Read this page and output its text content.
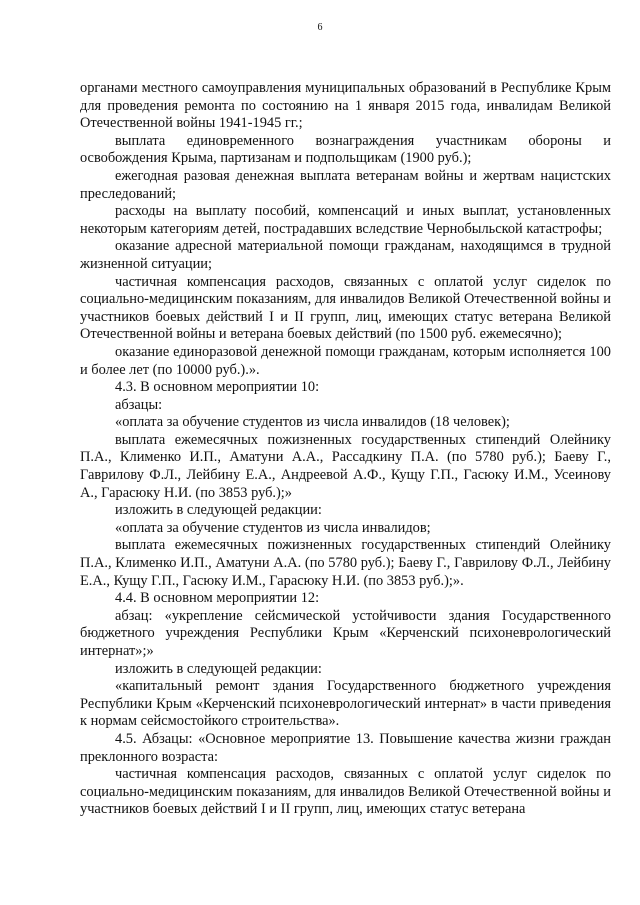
6

органами местного самоуправления муниципальных образований в Республике Крым для проведения ремонта по состоянию на 1 января 2015 года, инвалидам Великой Отечественной войны 1941-1945 гг.;

выплата единовременного вознаграждения участникам обороны и освобождения Крыма, партизанам и подпольщикам (1900 руб.);

ежегодная разовая денежная выплата ветеранам войны и жертвам нацистских преследований;

расходы на выплату пособий, компенсаций и иных выплат, установленных некоторым категориям детей, пострадавших вследствие Чернобыльской катастрофы;

оказание адресной материальной помощи гражданам, находящимся в трудной жизненной ситуации;

частичная компенсация расходов, связанных с оплатой услуг сиделок по социально-медицинским показаниям, для инвалидов Великой Отечественной войны и участников боевых действий I и II групп, лиц, имеющих статус ветерана Великой Отечественной войны и ветерана боевых действий (по 1500 руб. ежемесячно);

оказание единоразовой денежной помощи гражданам, которым исполняется 100 и более лет (по 10000 руб.).».

4.3. В основном мероприятии 10:

абзацы:

«оплата за обучение студентов из числа инвалидов (18 человек);

выплата ежемесячных пожизненных государственных стипендий Олейнику П.А., Клименко И.П., Аматуни А.А., Рассадкину П.А. (по 5780 руб.); Баеву Г., Гаврилову Ф.Л., Лейбину Е.А., Андреевой А.Ф., Кущу Г.П., Гасюку И.М., Усеинову А., Гарасюку Н.И. (по 3853 руб.);»

изложить в следующей редакции:

«оплата за обучение студентов из числа инвалидов;

выплата ежемесячных пожизненных государственных стипендий Олейнику П.А., Клименко И.П., Аматуни А.А. (по 5780 руб.); Баеву Г., Гаврилову Ф.Л., Лейбину Е.А., Кущу Г.П., Гасюку И.М., Гарасюку Н.И. (по 3853 руб.);».

4.4. В основном мероприятии 12:

абзац: «укрепление сейсмической устойчивости здания Государственного бюджетного учреждения Республики Крым «Керченский психоневрологический интернат»;»

изложить в следующей редакции:

«капитальный ремонт здания Государственного бюджетного учреждения Республики Крым «Керченский психоневрологический интернат» в части приведения к нормам сейсмостойкого строительства».

4.5. Абзацы: «Основное мероприятие 13. Повышение качества жизни граждан преклонного возраста:

частичная компенсация расходов, связанных с оплатой услуг сиделок по социально-медицинским показаниям, для инвалидов Великой Отечественной войны и участников боевых действий I и II групп, лиц, имеющих статус ветерана
